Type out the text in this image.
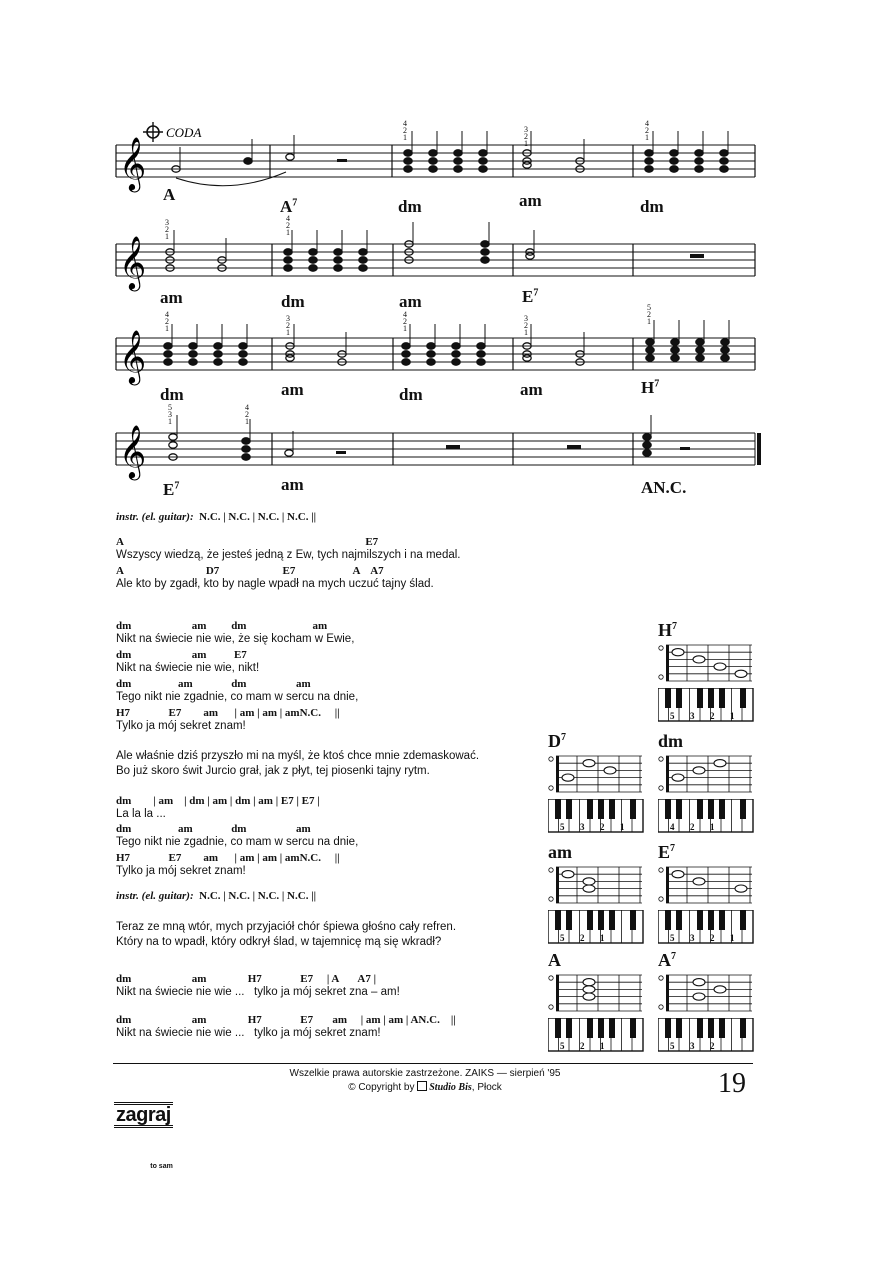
CODA
𝄞
𝄞
𝄞
𝄞
A
$A^7$	dm	am	dm
am	dm	am	$E^7$
dm	am	dm	am	$H^7$
$E^7$	am	AN.C.
4
2
1
3
2
1
4
2
1
3
2
1
4
2
1
4
2
1
3
2
1
4
2
1
3
2
1
5
2
1
5
3
1
4
2
1
instr. (el. guitar): N.C. | N.C. | N.C. | N.C. ||
A                                                                                        E7
Wszyscy wiedzą, że jesteś jedną z Ew, tych najmilszych i na medal.
A                              D7                       E7                     A    A7
Ale kto by zgadł, kto by nagle wpadł na mych uczuć tajny ślad.
dm                      am         dm                        am
Nikt na świecie nie wie, że się kocham w Ewie,
dm                      am          E7
Nikt na świecie nie wie, nikt!
dm                 am              dm                  am
Tego nikt nie zgadnie, co mam w sercu na dnie,
H7              E7        am      | am | am | amN.C.     ||
Tylko ja mój sekret znam!
Ale właśnie dziś przyszło mi na myśl, że ktoś chce mnie zdemaskować.
Bo już skoro świt Jurcio grał, jak z płyt, tej piosenki tajny rytm.
dm        | am    | dm | am | dm | am | E7 | E7 |
La la la ...
dm                 am              dm                  am
Tego nikt nie zgadnie, co mam w sercu na dnie,
H7              E7        am      | am | am | amN.C.     ||
Tylko ja mój sekret znam!
instr. (el. guitar): N.C. | N.C. | N.C. | N.C. ||
Teraz ze mną wtór, mych przyjaciół chór śpiewa głośno cały refren.
Który na to wpadł, który odkrył ślad, w tajemnicę mą się wkradł?
dm                      am               H7              E7     | A       A7 |
Nikt na świecie nie wie ...   tylko ja mój sekret zna – am!
dm                      am               H7              E7       am     | am | am | AN.C.    ||
Nikt na świecie nie wie ...   tylko ja mój sekret znam!
$H^7$
5 3 2 1
$D^7$
5 3 2 1
dm
4 2 1
am
5 2 1
$E^7$
5 3 2 1
A
5 2 1
$A^7$
5 3 2

zagraj

to sam

Wszelkie prawa autorskie zastrzeżone. ZAIKS — sierpień '95
© Copyright by Studio Bis, Płock	19
